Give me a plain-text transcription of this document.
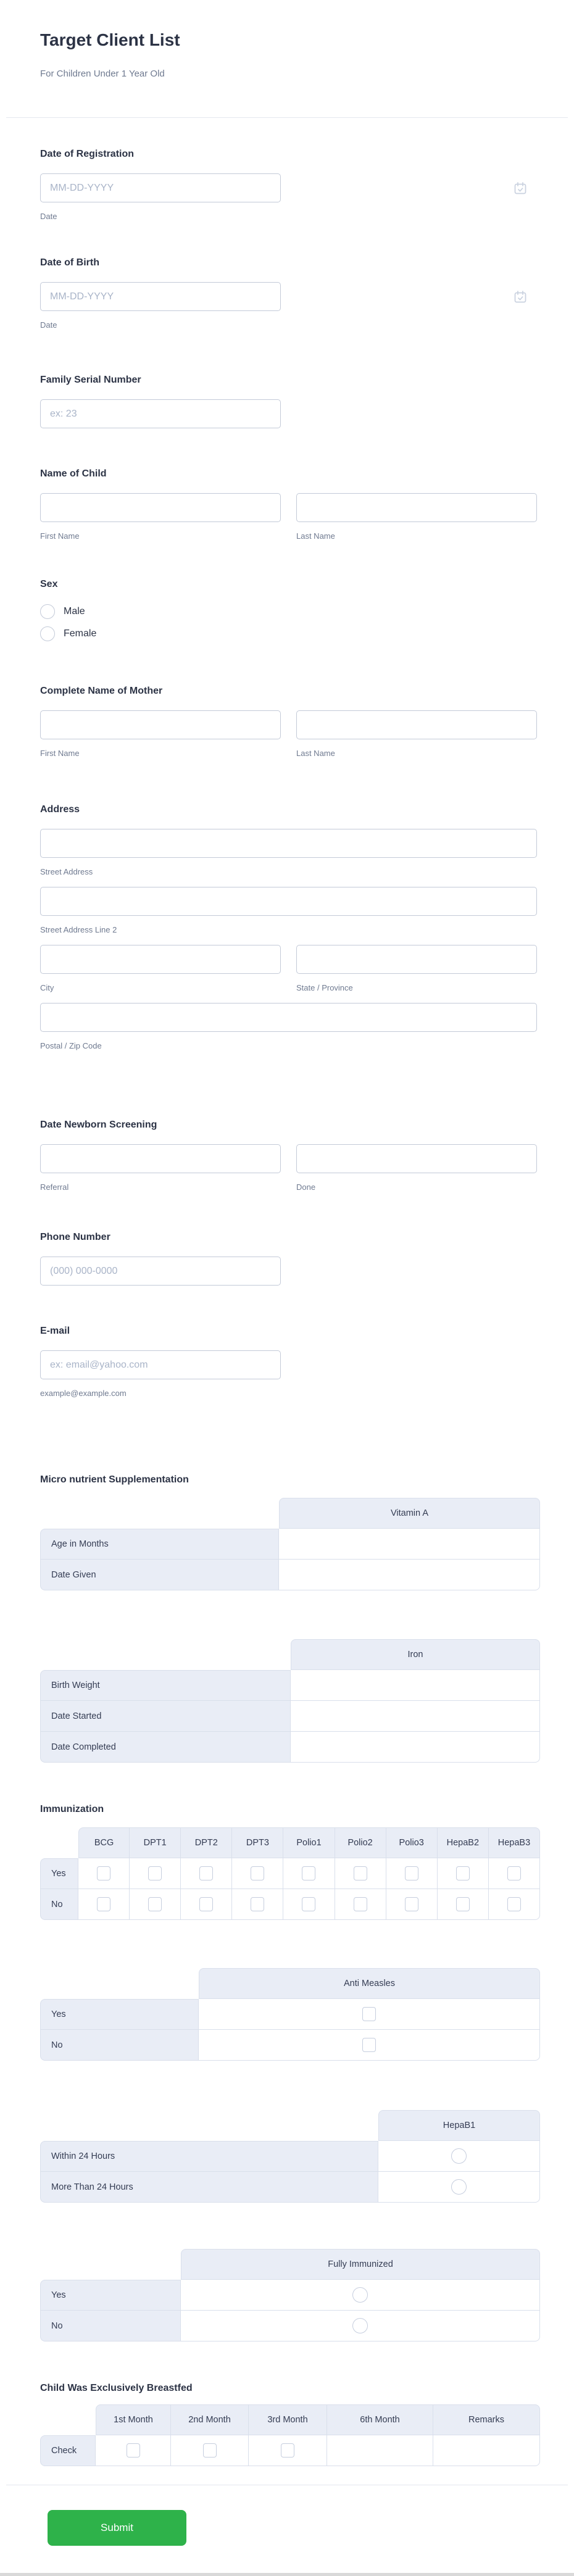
Target Client List
For Children Under 1 Year Old
Date of Registration
MM-DD-YYYY
Date
Date of Birth
MM-DD-YYYY
Date
Family Serial Number
ex: 23
Name of Child
First Name	Last Name
Sex
Male
Female
Complete Name of Mother
First Name	Last Name
Address
Street Address
Street Address Line 2
City	State / Province
Postal / Zip Code
Date Newborn Screening
Referral	Done
Phone Number
(000) 000-0000
E-mail
ex: email@yahoo.com
example@example.com
Micro nutrient Supplementation
Vitamin A
Age in Months
Date Given
Iron
Birth Weight
Date Started
Date Completed
Immunization
BCG	DPT1	DPT2	DPT3	Polio1	Polio2	Polio3	HepaB2	HepaB3
Yes
No
Anti Measles
Yes
No
HepaB1
Within 24 Hours
More Than 24 Hours
Fully Immunized
Yes
No
Child Was Exclusively Breastfed
1st Month	2nd Month	3rd Month	6th Month	Remarks
Check
Submit
